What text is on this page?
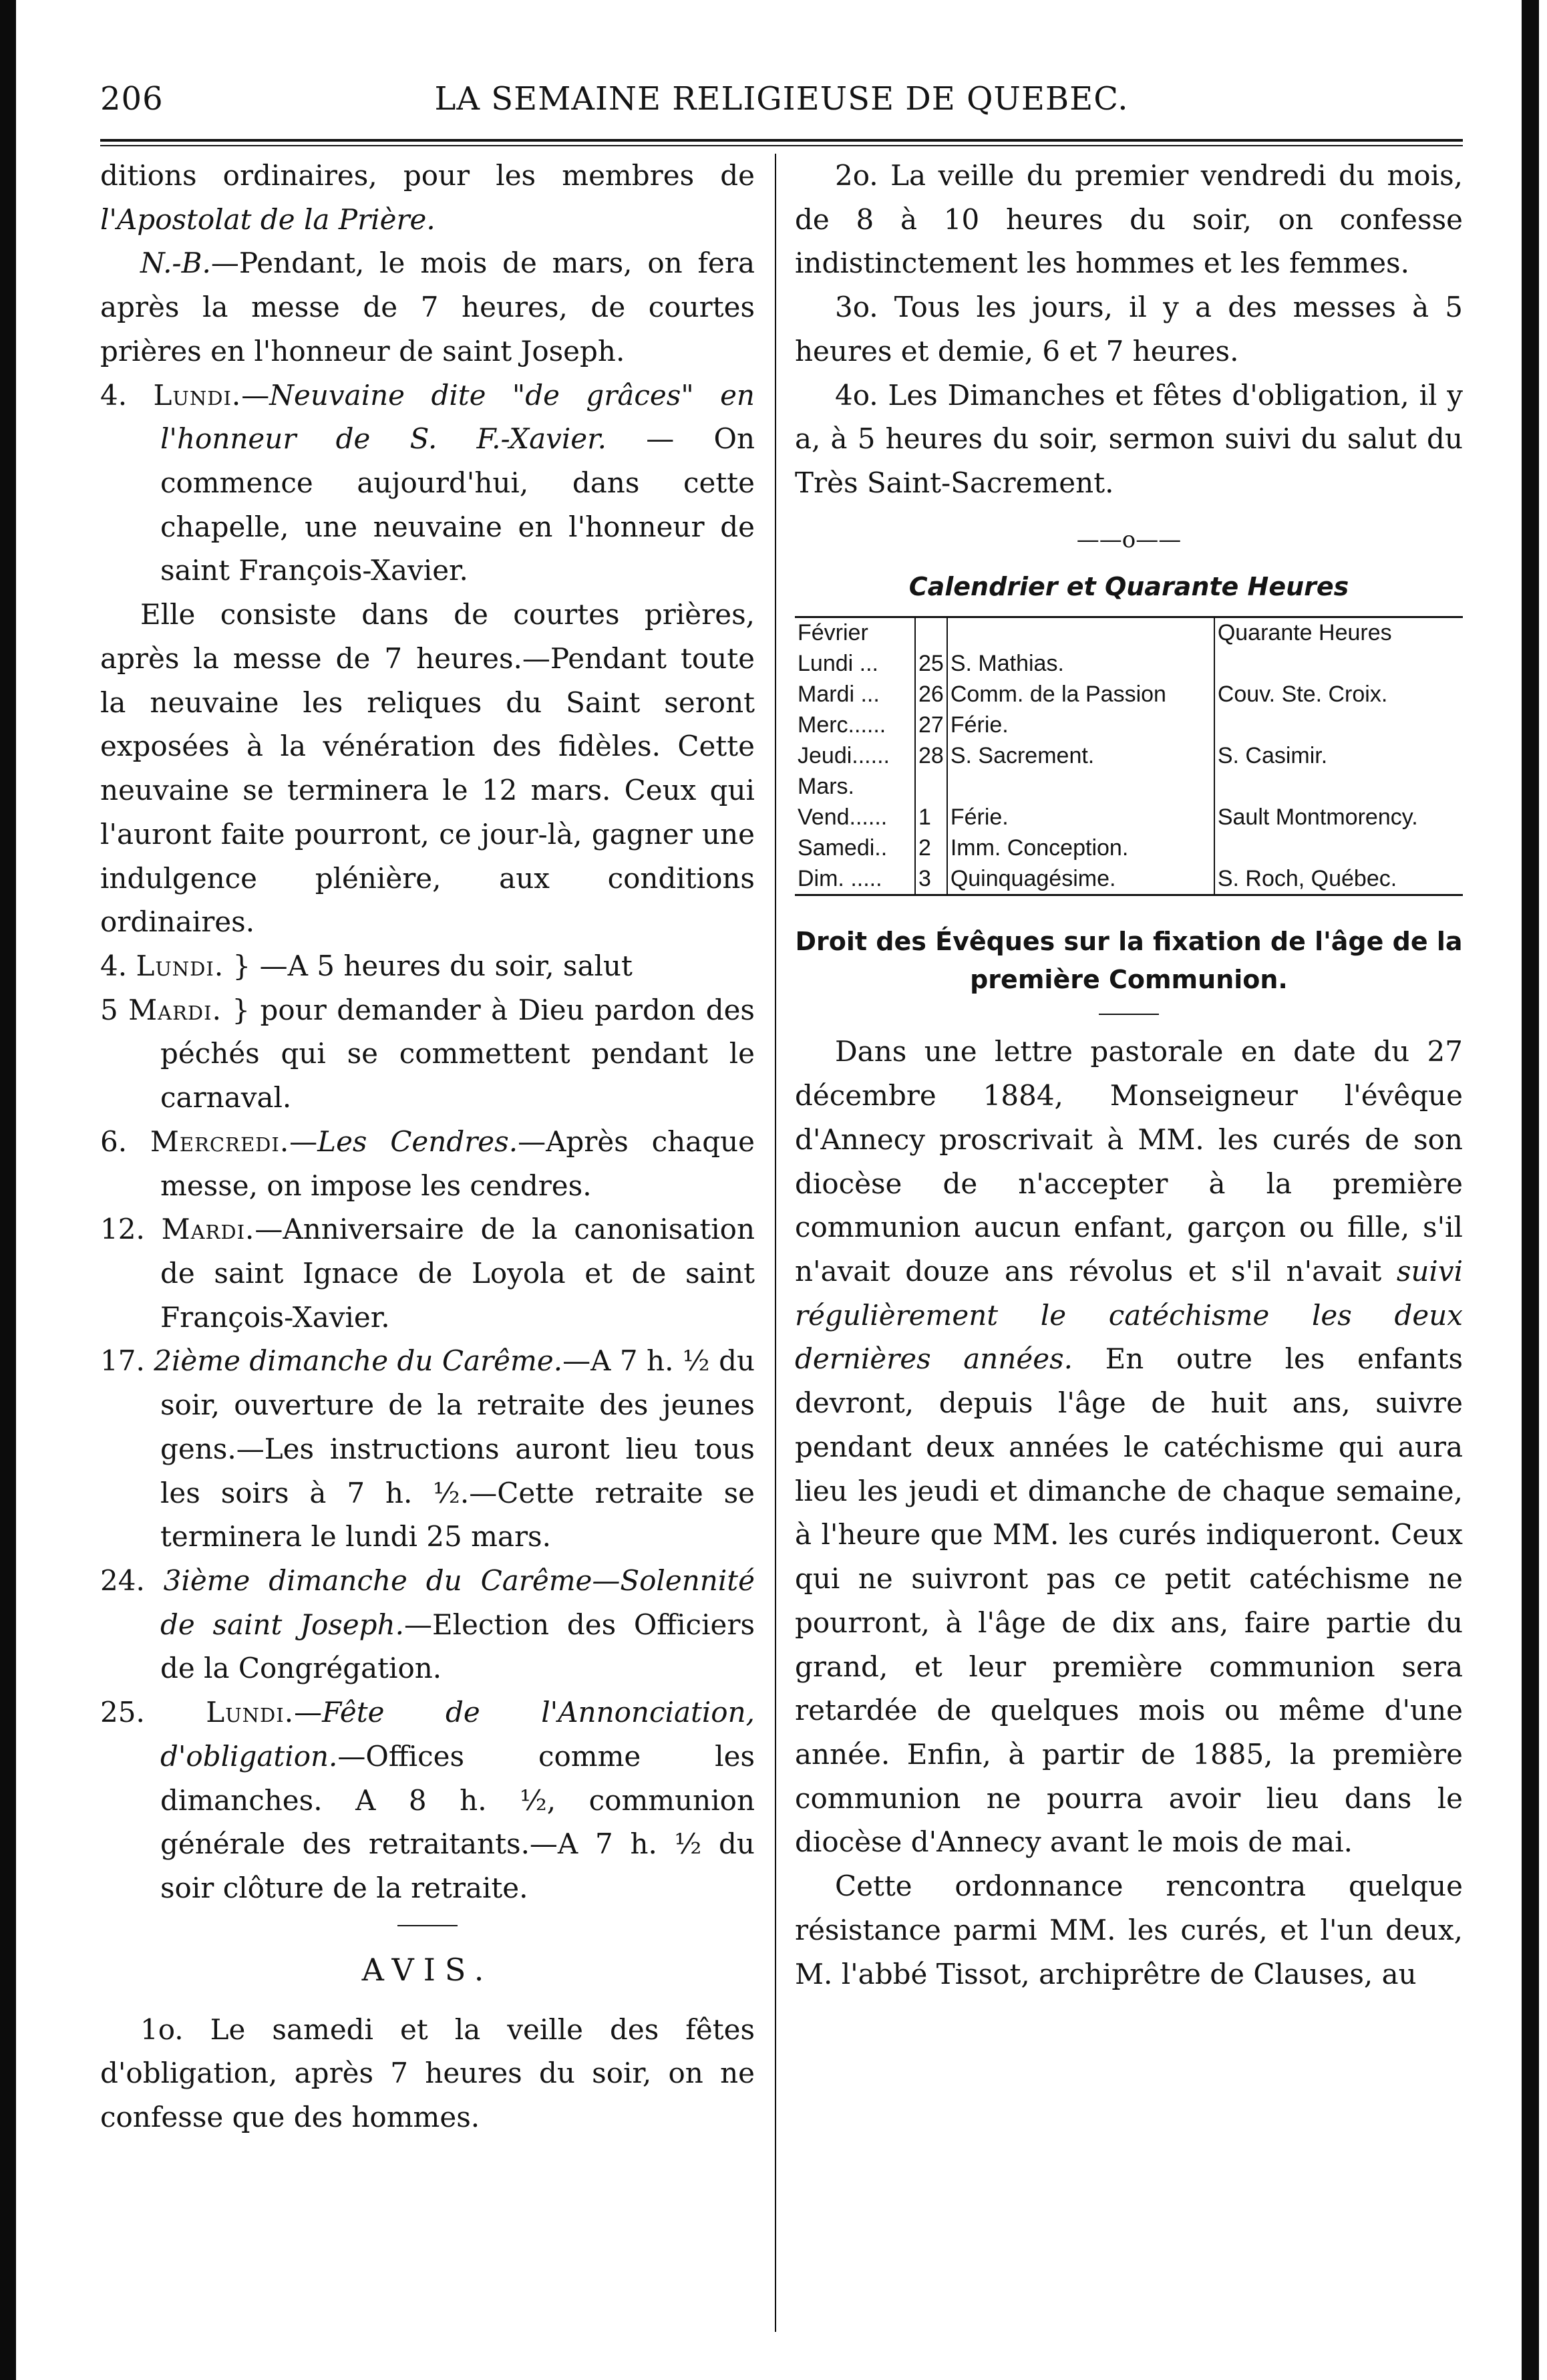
206	LA SEMAINE RELIGIEUSE DE QUEBEC.

ditions ordinaires, pour les membres de l'Apostolat de la Prière.

N.-B.—Pendant, le mois de mars, on fera après la messe de 7 heures, de courtes prières en l'honneur de saint Joseph.

4. Lundi.—Neuvaine dite "de grâces" en l'honneur de S. F.-Xavier. — On commence aujourd'hui, dans cette chapelle, une neuvaine en l'honneur de saint François-Xavier.

Elle consiste dans de courtes prières, après la messe de 7 heures.—Pendant toute la neuvaine les reliques du Saint seront exposées à la vénération des fidèles. Cette neuvaine se terminera le 12 mars. Ceux qui l'auront faite pourront, ce jour-là, gagner une indulgence plénière, aux conditions ordinaires.

4. Lundi. } —A 5 heures du soir, salut

5 Mardi. } pour demander à Dieu pardon des péchés qui se commettent pendant le carnaval.

6. Mercredi.—Les Cendres.—Après chaque messe, on impose les cendres.

12. Mardi.—Anniversaire de la canonisation de saint Ignace de Loyola et de saint François-Xavier.

17. 2ième dimanche du Carême.—A 7 h. ½ du soir, ouverture de la retraite des jeunes gens.—Les instructions auront lieu tous les soirs à 7 h. ½.—Cette retraite se terminera le lundi 25 mars.

24. 3ième dimanche du Carême—Solennité de saint Joseph.—Election des Officiers de la Congrégation.

25. Lundi.—Fête de l'Annonciation, d'obligation.—Offices comme les dimanches. A 8 h. ½, communion générale des retraitants.—A 7 h. ½ du soir clôture de la retraite.

AVIS.

1o. Le samedi et la veille des fêtes d'obligation, après 7 heures du soir, on ne confesse que des hommes.

2o. La veille du premier vendredi du mois, de 8 à 10 heures du soir, on confesse indistinctement les hommes et les femmes.

3o. Tous les jours, il y a des messes à 5 heures et demie, 6 et 7 heures.

4o. Les Dimanches et fêtes d'obligation, il y a, à 5 heures du soir, sermon suivi du salut du Très Saint-Sacrement.

——o——
Calendrier et Quarante Heures
Février			Quarante Heures
Lundi ...	25	S. Mathias.	
Mardi ...	26	Comm. de la Passion	Couv. Ste. Croix.
Merc......	27	Férie.	
Jeudi......	28	S. Sacrement.	S. Casimir.
Mars.			
Vend......	1	Férie.	Sault Montmorency.
Samedi..	2	Imm. Conception.	
Dim. .....	3	Quinquagésime.	S. Roch, Québec.
Droit des Évêques sur la fixation de l'âge de la première Communion.

Dans une lettre pastorale en date du 27 décembre 1884, Monseigneur l'évêque d'Annecy proscrivait à MM. les curés de son diocèse de n'accepter à la première communion aucun enfant, garçon ou fille, s'il n'avait douze ans révolus et s'il n'avait suivi régulièrement le catéchisme les deux dernières années. En outre les enfants devront, depuis l'âge de huit ans, suivre pendant deux années le catéchisme qui aura lieu les jeudi et dimanche de chaque semaine, à l'heure que MM. les curés indiqueront. Ceux qui ne suivront pas ce petit catéchisme ne pourront, à l'âge de dix ans, faire partie du grand, et leur première communion sera retardée de quelques mois ou même d'une année. Enfin, à partir de 1885, la première communion ne pourra avoir lieu dans le diocèse d'Annecy avant le mois de mai.

Cette ordonnance rencontra quelque résistance parmi MM. les curés, et l'un deux, M. l'abbé Tissot, archiprêtre de Clauses, au
